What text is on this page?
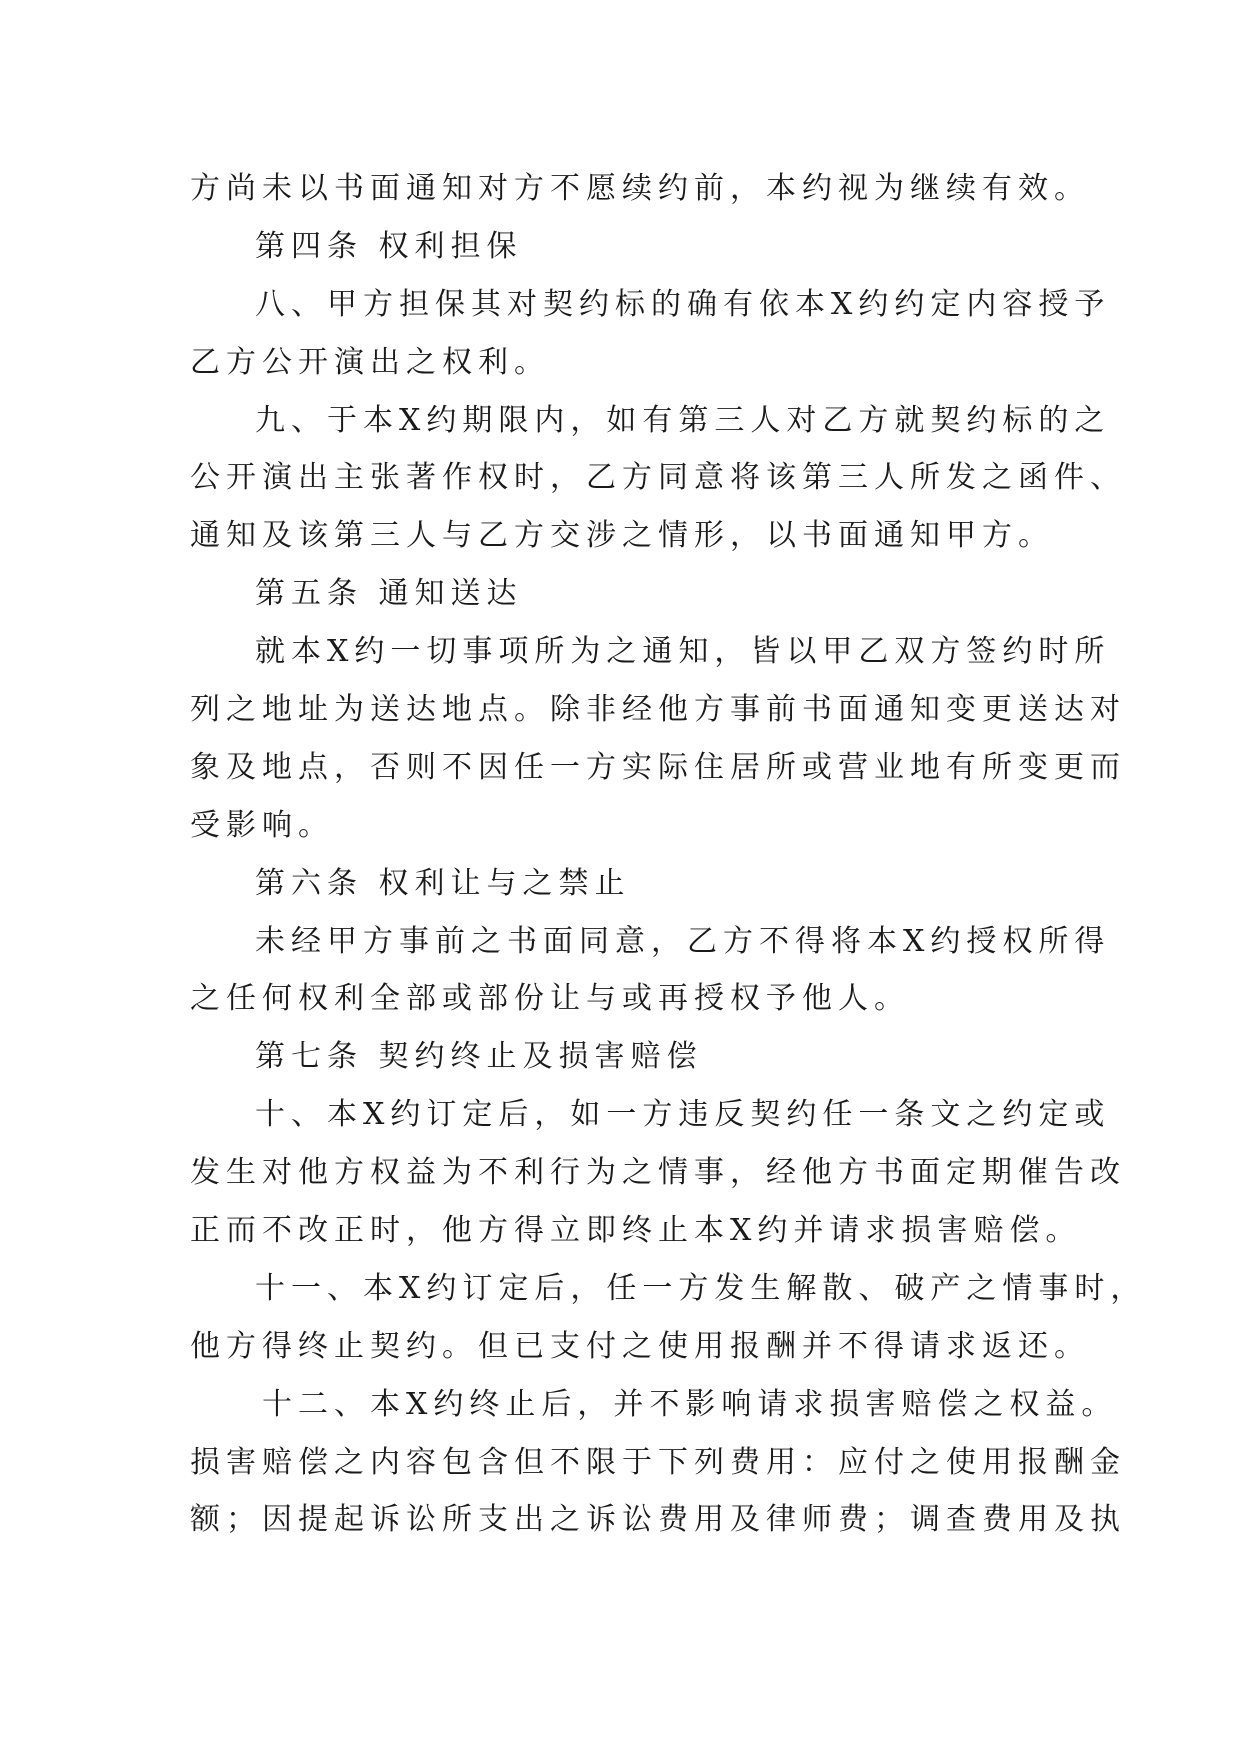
方尚未以书面通知对方不愿续约前，本约视为继续有效。
第四条 权利担保
八、甲方担保其对契约标的确有依本X约约定内容授予
乙方公开演出之权利。
九、于本X约期限内，如有第三人对乙方就契约标的之
公开演出主张著作权时，乙方同意将该第三人所发之函件、
通知及该第三人与乙方交涉之情形，以书面通知甲方。
第五条 通知送达
就本X约一切事项所为之通知，皆以甲乙双方签约时所
列之地址为送达地点。除非经他方事前书面通知变更送达对
象及地点，否则不因任一方实际住居所或营业地有所变更而
受影响。
第六条 权利让与之禁止
未经甲方事前之书面同意，乙方不得将本X约授权所得
之任何权利全部或部份让与或再授权予他人。
第七条 契约终止及损害赔偿
十、本X约订定后，如一方违反契约任一条文之约定或
发生对他方权益为不利行为之情事，经他方书面定期催告改
正而不改正时，他方得立即终止本X约并请求损害赔偿。
十一、本X约订定后，任一方发生解散、破产之情事时，
他方得终止契约。但已支付之使用报酬并不得请求返还。
十二、本X约终止后，并不影响请求损害赔偿之权益。
损害赔偿之内容包含但不限于下列费用：应付之使用报酬金
额；因提起诉讼所支出之诉讼费用及律师费；调查费用及执
